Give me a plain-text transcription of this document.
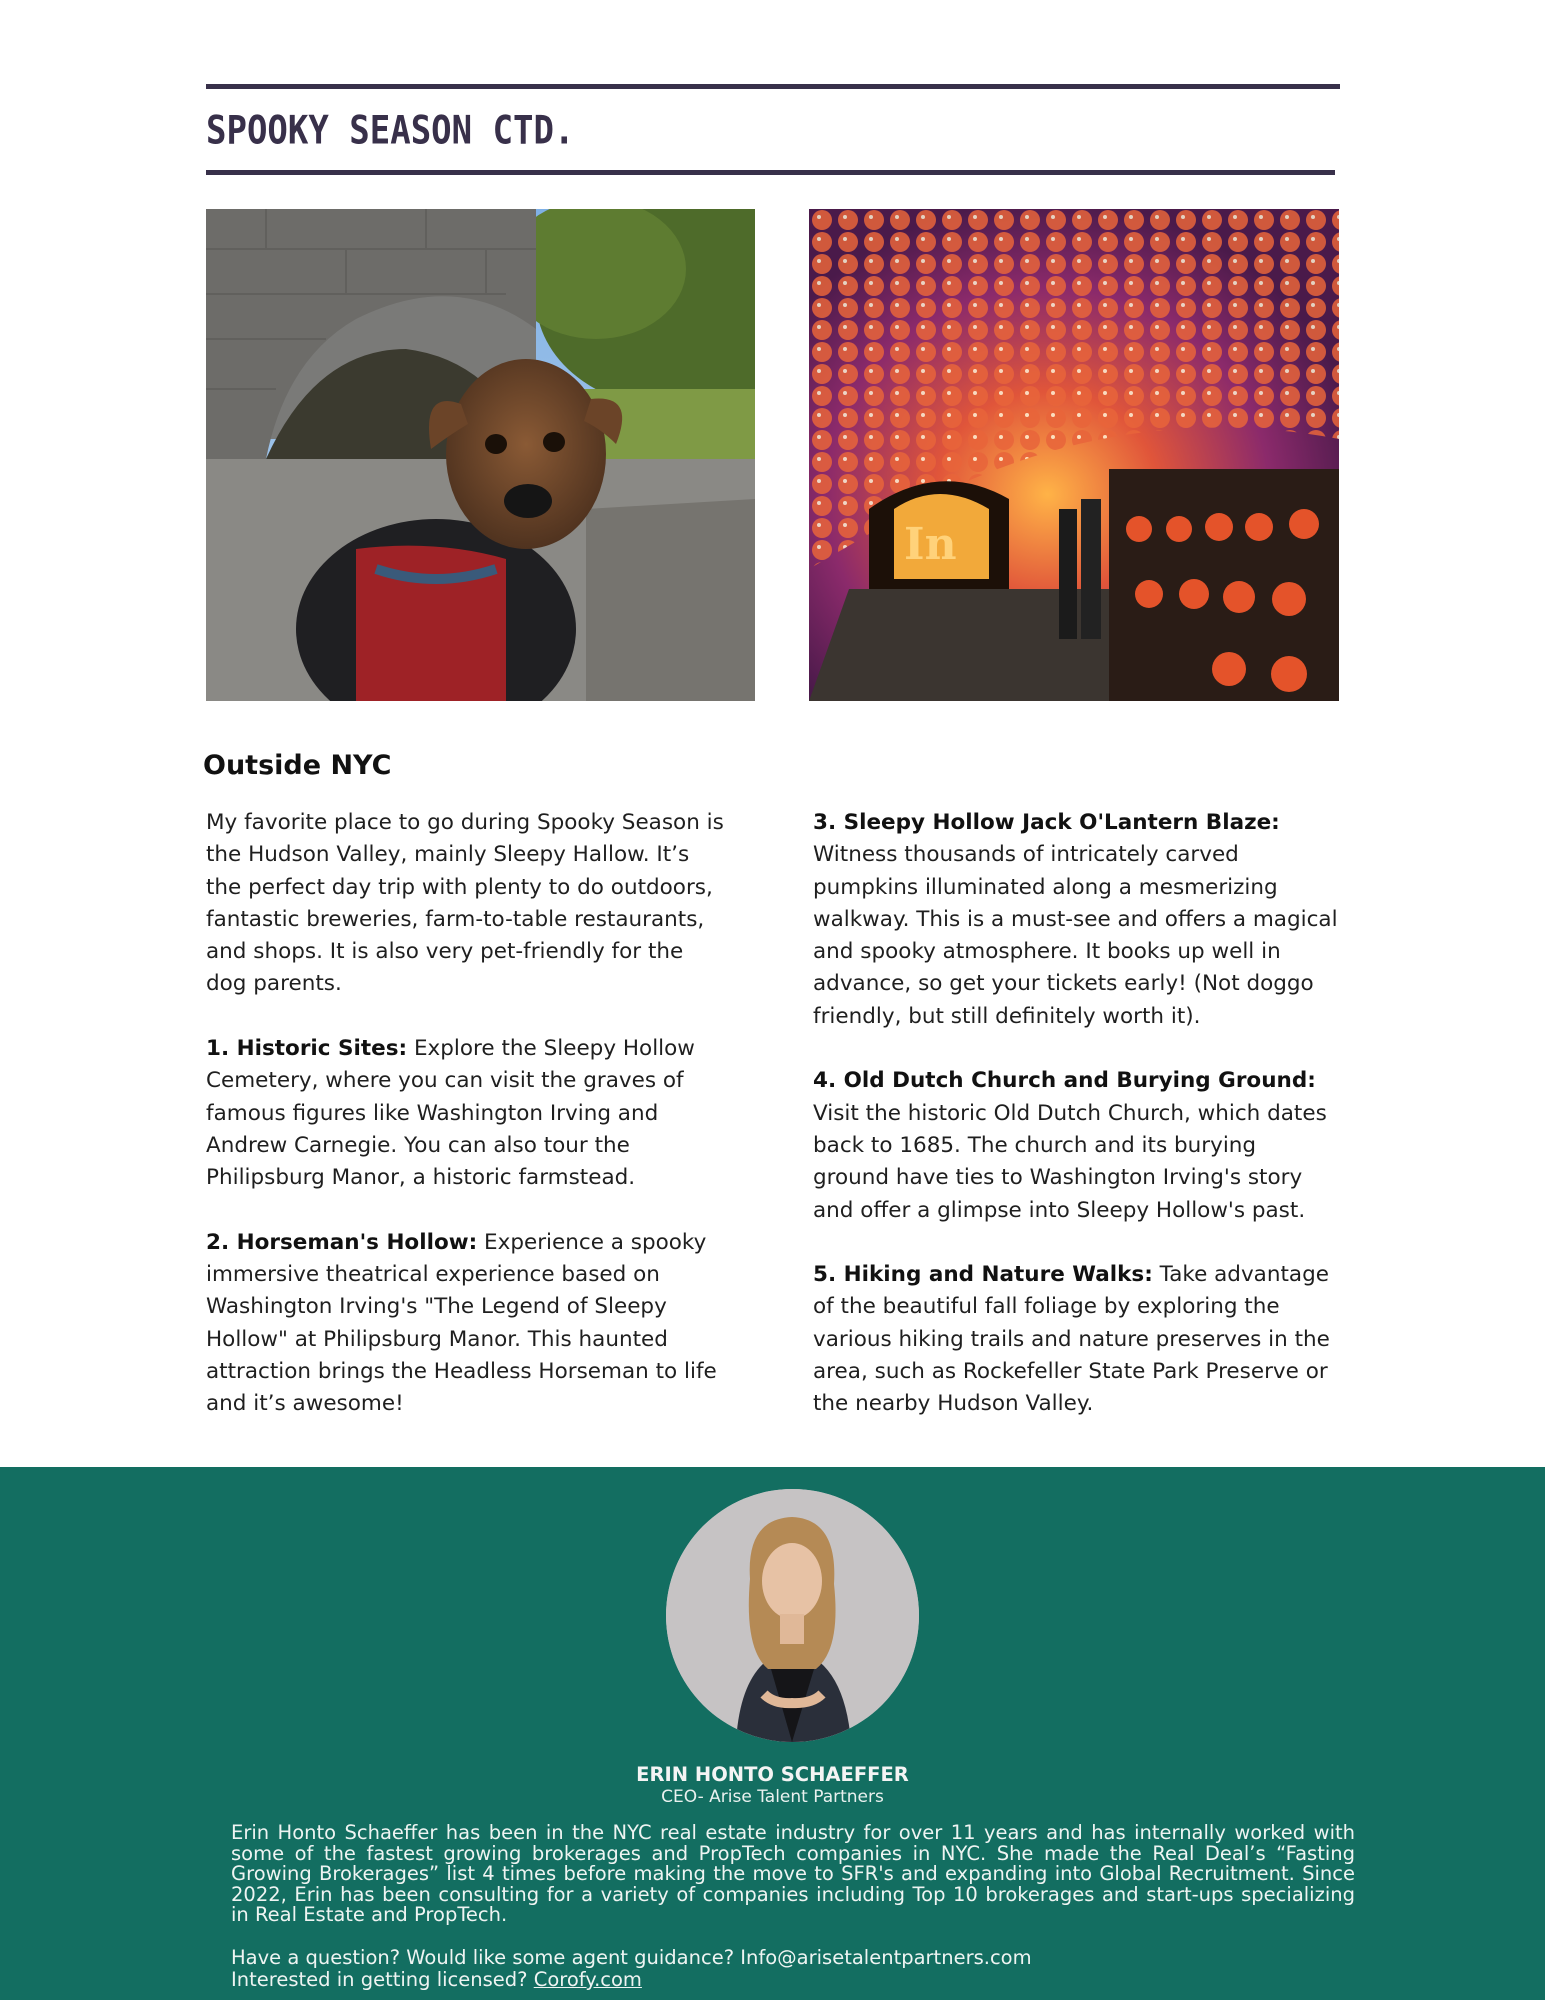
SPOOKY SEASON CTD.
In
Outside NYC

My favorite place to go during Spooky Season is the Hudson Valley, mainly Sleepy Hallow. It’s the perfect day trip with plenty to do outdoors, fantastic breweries, farm-to-table restaurants, and shops. It is also very pet-friendly for the dog parents.

1. Historic Sites: Explore the Sleepy Hollow Cemetery, where you can visit the graves of famous figures like Washington Irving and Andrew Carnegie. You can also tour the Philipsburg Manor, a historic farmstead.

2. Horseman's Hollow: Experience a spooky immersive theatrical experience based on Washington Irving's "The Legend of Sleepy Hollow" at Philipsburg Manor. This haunted attraction brings the Headless Horseman to life and it’s awesome!

3. Sleepy Hollow Jack O'Lantern Blaze: Witness thousands of intricately carved pumpkins illuminated along a mesmerizing walkway. This is a must-see and offers a magical and spooky atmosphere. It books up well in advance, so get your tickets early! (Not doggo friendly, but still definitely worth it).

4. Old Dutch Church and Burying Ground: Visit the historic Old Dutch Church, which dates back to 1685. The church and its burying ground have ties to Washington Irving's story and offer a glimpse into Sleepy Hollow's past.

5. Hiking and Nature Walks: Take advantage of the beautiful fall foliage by exploring the various hiking trails and nature preserves in the area, such as Rockefeller State Park Preserve or the nearby Hudson Valley.

ERIN HONTO SCHAEFFER
CEO- Arise Talent Partners
Erin Honto Schaeffer has been in the NYC real estate industry for over 11 years and has internally worked with some of the fastest growing brokerages and PropTech companies in NYC. She made the Real Deal’s “Fasting Growing Brokerages” list 4 times before making the move to SFR's and expanding into Global Recruitment. Since 2022, Erin has been consulting for a variety of companies including Top 10 brokerages and start-ups specializing in Real Estate and PropTech.
Have a question? Would like some agent guidance? Info@arisetalentpartners.com
Interested in getting licensed? Corofy.com
